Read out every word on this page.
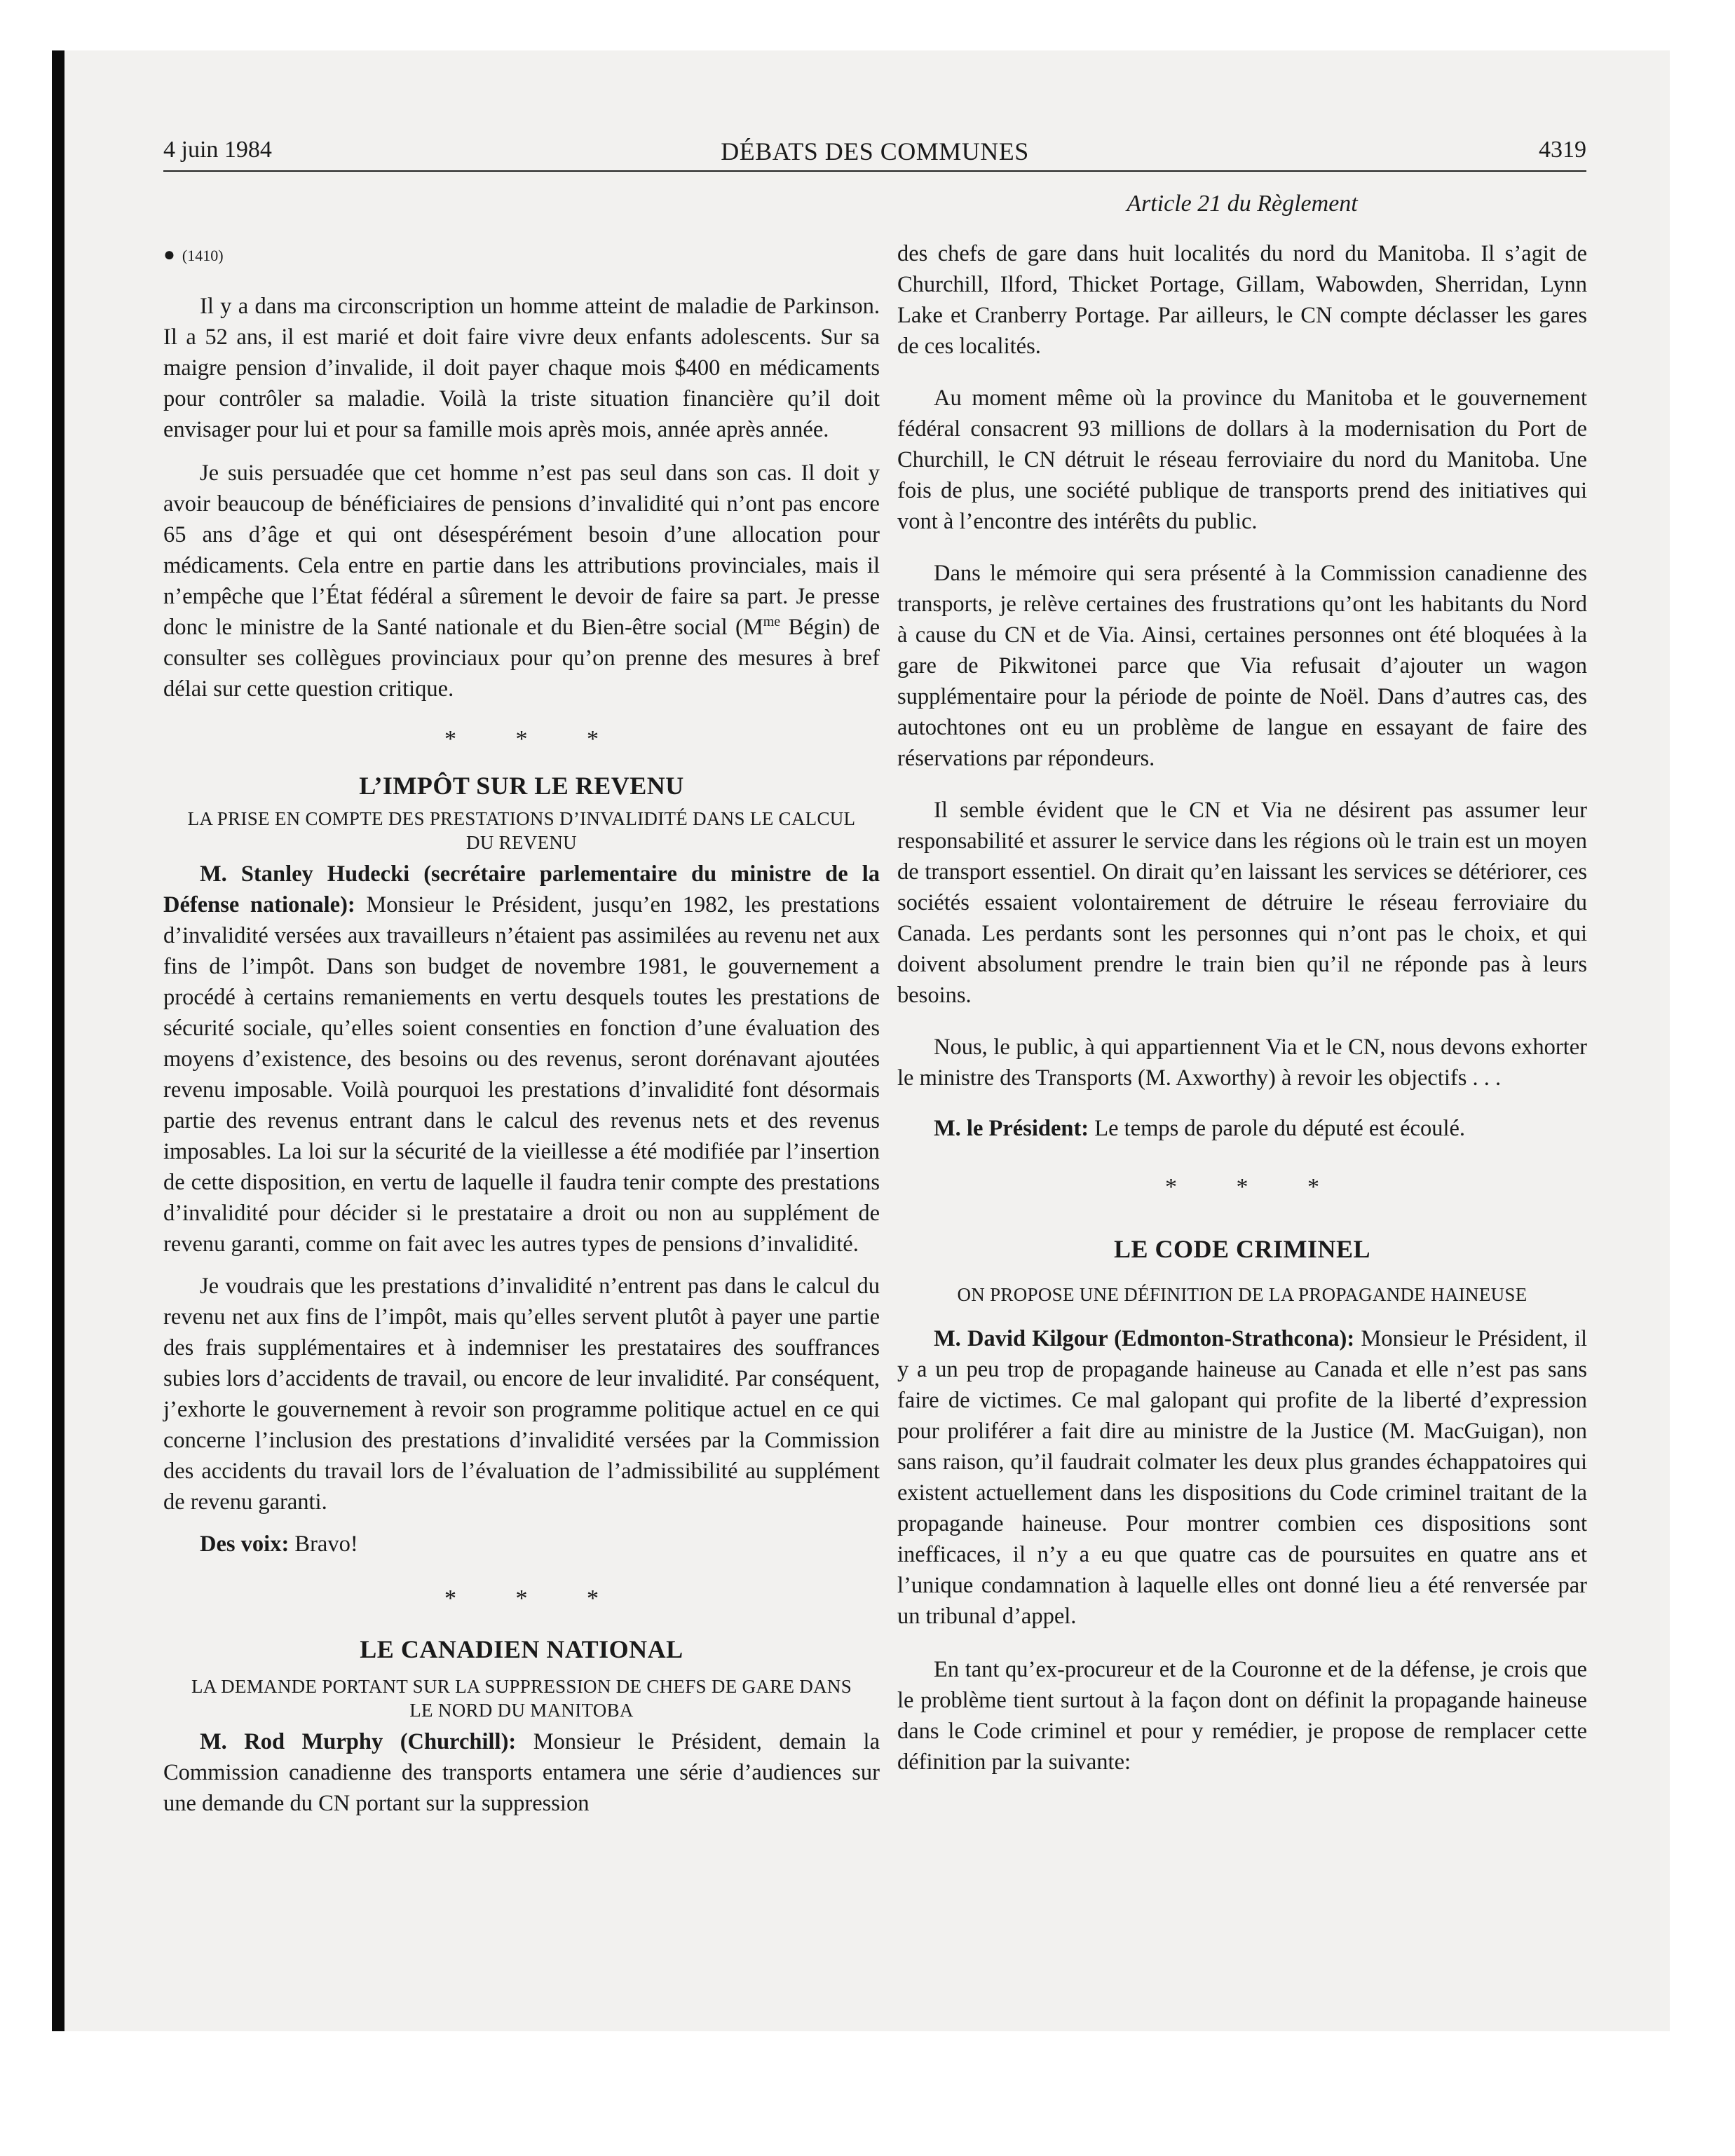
4 juin 1984	DÉBATS DES COMMUNES	4319
Article 21 du Règlement
● (1410)

Il y a dans ma circonscription un homme atteint de maladie de Parkinson. Il a 52 ans, il est marié et doit faire vivre deux enfants adolescents. Sur sa maigre pension d’invalide, il doit payer chaque mois $400 en médicaments pour contrôler sa maladie. Voilà la triste situation financière qu’il doit envisager pour lui et pour sa famille mois après mois, année après année.

Je suis persuadée que cet homme n’est pas seul dans son cas. Il doit y avoir beaucoup de bénéficiaires de pensions d’invalidité qui n’ont pas encore 65 ans d’âge et qui ont désespérément besoin d’une allocation pour médicaments. Cela entre en partie dans les attributions provinciales, mais il n’empêche que l’État fédéral a sûrement le devoir de faire sa part. Je presse donc le ministre de la Santé nationale et du Bien-être social ($M^{me}$ Bégin) de consulter ses collègues provinciaux pour qu’on prenne des mesures à bref délai sur cette question critique.

* * *
L’IMPÔT SUR LE REVENU
LA PRISE EN COMPTE DES PRESTATIONS D’INVALIDITÉ DANS LE CALCUL DU REVENU

M. Stanley Hudecki (secrétaire parlementaire du ministre de la Défense nationale): Monsieur le Président, jusqu’en 1982, les prestations d’invalidité versées aux travailleurs n’étaient pas assimilées au revenu net aux fins de l’impôt. Dans son budget de novembre 1981, le gouvernement a procédé à certains remaniements en vertu desquels toutes les prestations de sécurité sociale, qu’elles soient consenties en fonction d’une évaluation des moyens d’existence, des besoins ou des revenus, seront dorénavant ajoutées revenu imposable. Voilà pourquoi les prestations d’invalidité font désormais partie des revenus entrant dans le calcul des revenus nets et des revenus imposables. La loi sur la sécurité de la vieillesse a été modifiée par l’insertion de cette disposition, en vertu de laquelle il faudra tenir compte des prestations d’invalidité pour décider si le prestataire a droit ou non au supplément de revenu garanti, comme on fait avec les autres types de pensions d’invalidité.

Je voudrais que les prestations d’invalidité n’entrent pas dans le calcul du revenu net aux fins de l’impôt, mais qu’elles servent plutôt à payer une partie des frais supplémentaires et à indemniser les prestataires des souffrances subies lors d’accidents de travail, ou encore de leur invalidité. Par conséquent, j’exhorte le gouvernement à revoir son programme politique actuel en ce qui concerne l’inclusion des prestations d’invalidité versées par la Commission des accidents du travail lors de l’évaluation de l’admissibilité au supplément de revenu garanti.

Des voix: Bravo!

* * *
LE CANADIEN NATIONAL
LA DEMANDE PORTANT SUR LA SUPPRESSION DE CHEFS DE GARE DANS LE NORD DU MANITOBA

M. Rod Murphy (Churchill): Monsieur le Président, demain la Commission canadienne des transports entamera une série d’audiences sur une demande du CN portant sur la suppression

des chefs de gare dans huit localités du nord du Manitoba. Il s’agit de Churchill, Ilford, Thicket Portage, Gillam, Wabowden, Sherridan, Lynn Lake et Cranberry Portage. Par ailleurs, le CN compte déclasser les gares de ces localités.

Au moment même où la province du Manitoba et le gouvernement fédéral consacrent 93 millions de dollars à la modernisation du Port de Churchill, le CN détruit le réseau ferroviaire du nord du Manitoba. Une fois de plus, une société publique de transports prend des initiatives qui vont à l’encontre des intérêts du public.

Dans le mémoire qui sera présenté à la Commission canadienne des transports, je relève certaines des frustrations qu’ont les habitants du Nord à cause du CN et de Via. Ainsi, certaines personnes ont été bloquées à la gare de Pikwitonei parce que Via refusait d’ajouter un wagon supplémentaire pour la période de pointe de Noël. Dans d’autres cas, des autochtones ont eu un problème de langue en essayant de faire des réservations par répondeurs.

Il semble évident que le CN et Via ne désirent pas assumer leur responsabilité et assurer le service dans les régions où le train est un moyen de transport essentiel. On dirait qu’en laissant les services se détériorer, ces sociétés essaient volontairement de détruire le réseau ferroviaire du Canada. Les perdants sont les personnes qui n’ont pas le choix, et qui doivent absolument prendre le train bien qu’il ne réponde pas à leurs besoins.

Nous, le public, à qui appartiennent Via et le CN, nous devons exhorter le ministre des Transports (M. Axworthy) à revoir les objectifs . . .

M. le Président: Le temps de parole du député est écoulé.

* * *
LE CODE CRIMINEL
ON PROPOSE UNE DÉFINITION DE LA PROPAGANDE HAINEUSE

M. David Kilgour (Edmonton-Strathcona): Monsieur le Président, il y a un peu trop de propagande haineuse au Canada et elle n’est pas sans faire de victimes. Ce mal galopant qui profite de la liberté d’expression pour proliférer a fait dire au ministre de la Justice (M. MacGuigan), non sans raison, qu’il faudrait colmater les deux plus grandes échappatoires qui existent actuellement dans les dispositions du Code criminel traitant de la propagande haineuse. Pour montrer combien ces dispositions sont inefficaces, il n’y a eu que quatre cas de poursuites en quatre ans et l’unique condamnation à laquelle elles ont donné lieu a été renversée par un tribunal d’appel.

En tant qu’ex-procureur et de la Couronne et de la défense, je crois que le problème tient surtout à la façon dont on définit la propagande haineuse dans le Code criminel et pour y remédier, je propose de remplacer cette définition par la suivante:
